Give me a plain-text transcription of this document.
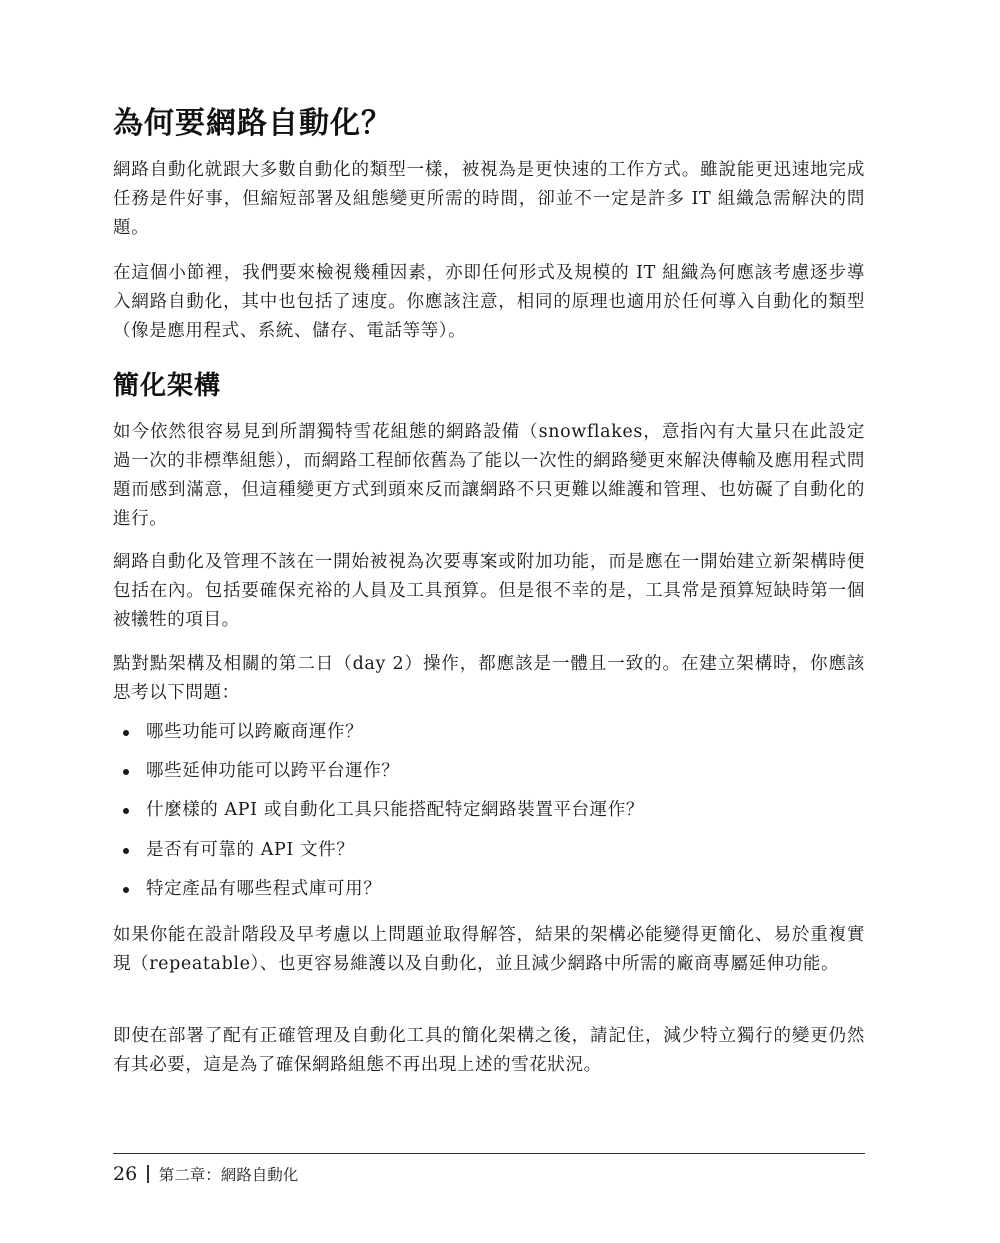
為何要網路自動化？

網路自動化就跟大多數自動化的類型一樣，被視為是更快速的工作方式。雖說能更迅速地完成任務是件好事，但縮短部署及組態變更所需的時間，卻並不一定是許多 IT 組織急需解決的問題。

在這個小節裡，我們要來檢視幾種因素，亦即任何形式及規模的 IT 組織為何應該考慮逐步導入網路自動化，其中也包括了速度。你應該注意，相同的原理也適用於任何導入自動化的類型（像是應用程式、系統、儲存、電話等等）。

簡化架構

如今依然很容易見到所謂獨特雪花組態的網路設備（snowflakes，意指內有大量只在此設定過一次的非標準組態），而網路工程師依舊為了能以一次性的網路變更來解決傳輸及應用程式問題而感到滿意，但這種變更方式到頭來反而讓網路不只更難以維護和管理、也妨礙了自動化的進行。

網路自動化及管理不該在一開始被視為次要專案或附加功能，而是應在一開始建立新架構時便包括在內。包括要確保充裕的人員及工具預算。但是很不幸的是，工具常是預算短缺時第一個被犧牲的項目。

點對點架構及相關的第二日（day 2）操作，都應該是一體且一致的。在建立架構時，你應該思考以下問題：

哪些功能可以跨廠商運作？
哪些延伸功能可以跨平台運作？
什麼樣的 API 或自動化工具只能搭配特定網路裝置平台運作？
是否有可靠的 API 文件？
特定產品有哪些程式庫可用？

如果你能在設計階段及早考慮以上問題並取得解答，結果的架構必能變得更簡化、易於重複實現（repeatable）、也更容易維護以及自動化，並且減少網路中所需的廠商專屬延伸功能。

即使在部署了配有正確管理及自動化工具的簡化架構之後，請記住，減少特立獨行的變更仍然有其必要，這是為了確保網路組態不再出現上述的雪花狀況。

26 第二章：網路自動化
